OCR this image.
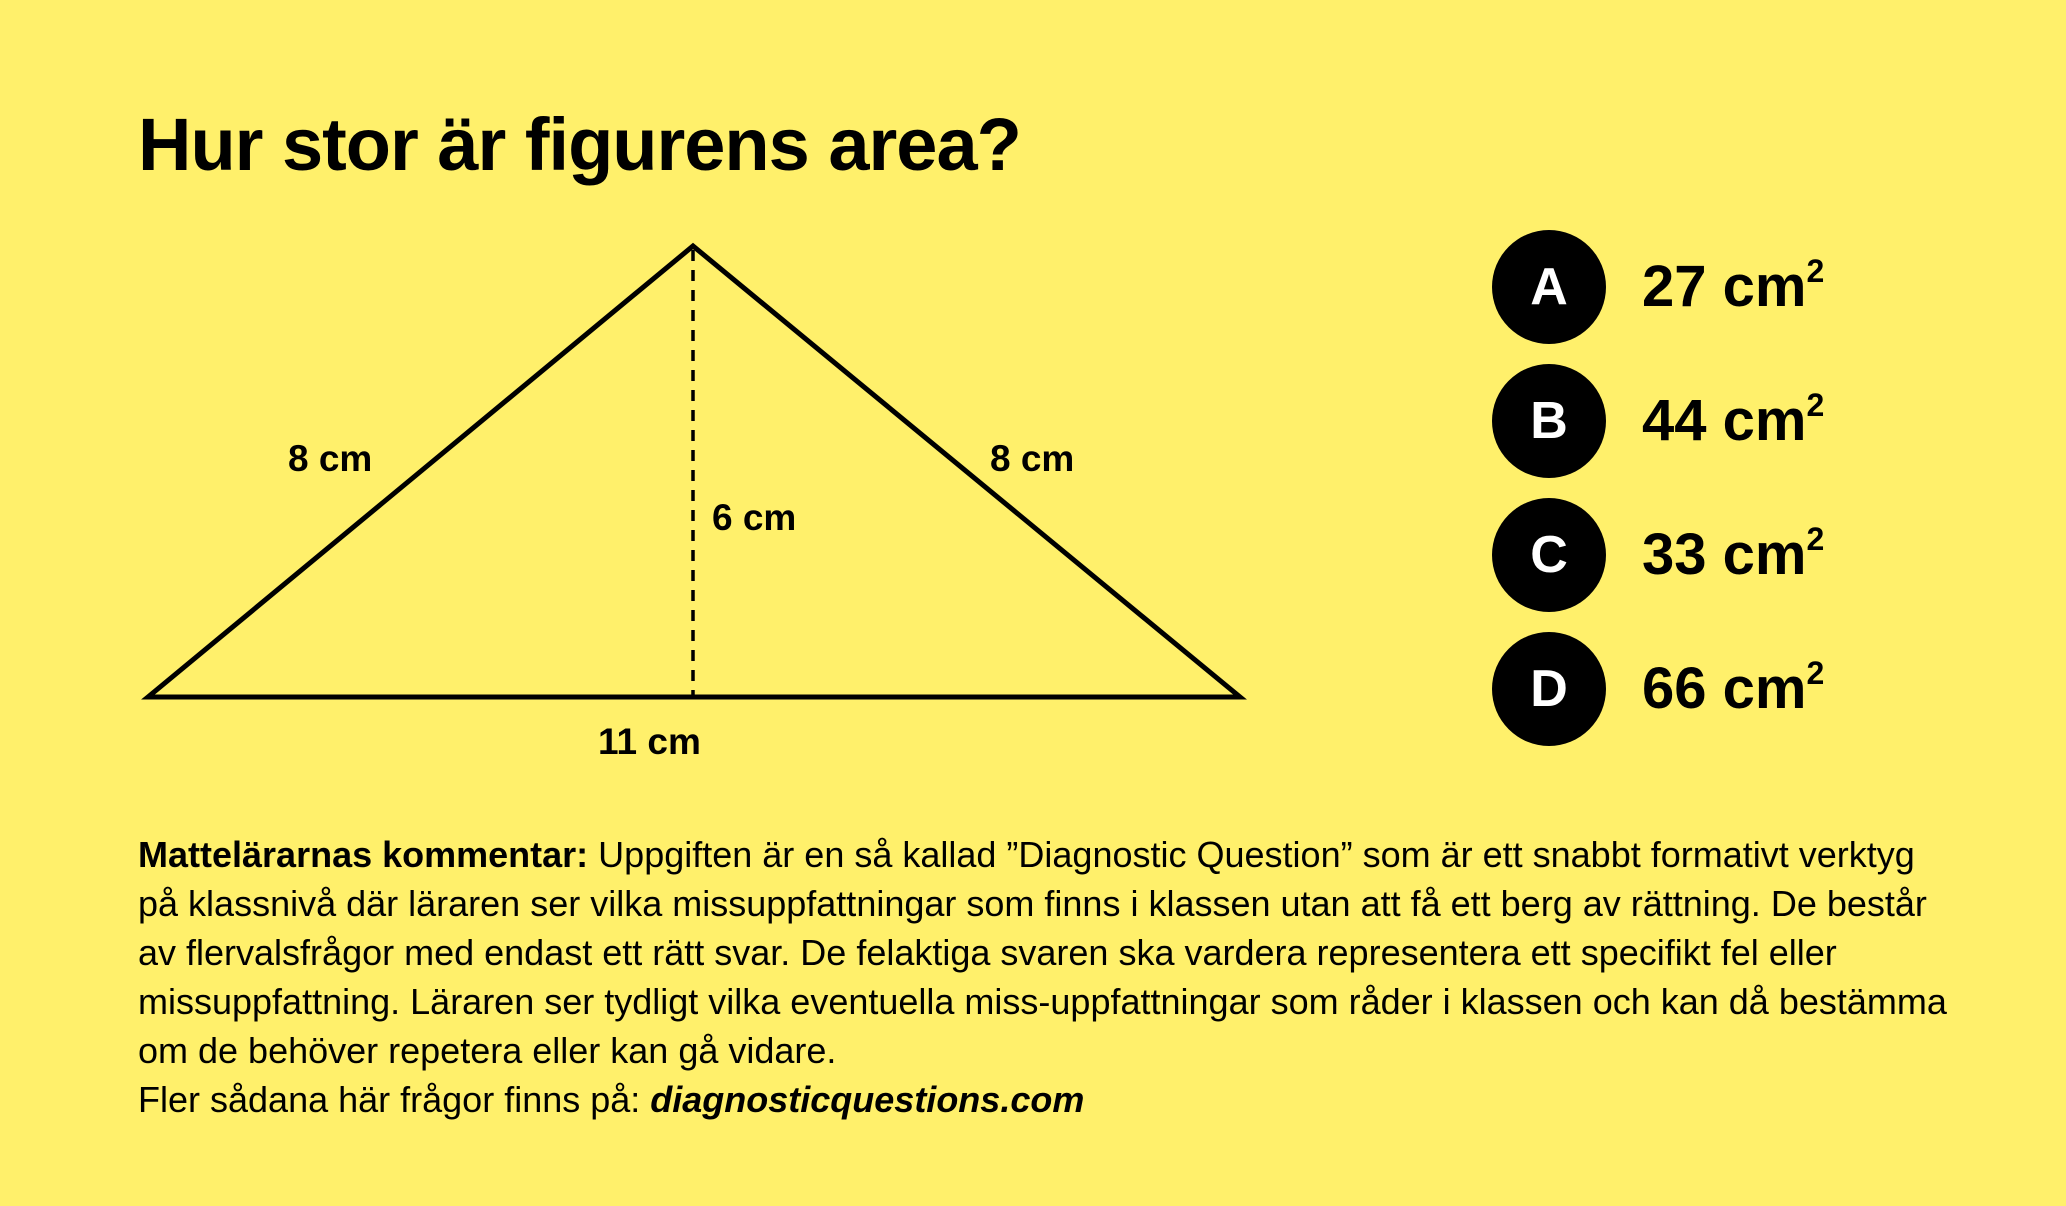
Hur stor är figurens area?
8 cm	8 cm
6 cm
11 cm
A	27 $cm^2$
B	44 $cm^2$
C	33 $cm^2$
D	66 $cm^2$

Mattelärarnas kommentar: Uppgiften är en så kallad ”Diagnostic Question” som är ett snabbt formativt verktyg på klassnivå där läraren ser vilka missuppfattningar som finns i klassen utan att få ett berg av rättning. De består av flervalsfrågor med endast ett rätt svar. De felaktiga svaren ska vardera representera ett specifikt fel eller missuppfattning. Läraren ser tydligt vilka eventuella miss-uppfattningar som råder i klassen och kan då bestämma om de behöver repetera eller kan gå vidare.
Fler sådana här frågor finns på: diagnosticquestions.com
